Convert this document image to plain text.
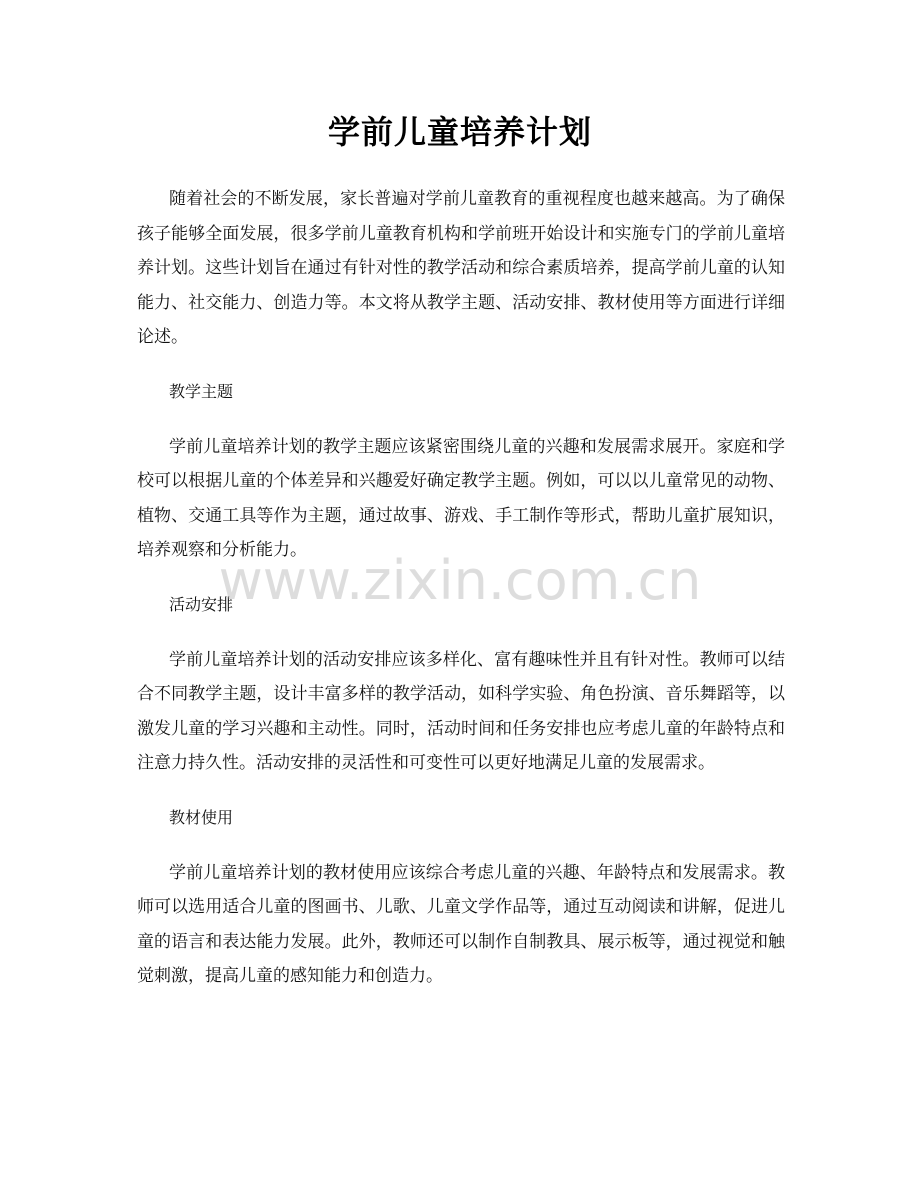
学前儿童培养计划

随着社会的不断发展，家长普遍对学前儿童教育的重视程度也越来越高。为了确保孩子能够全面发展，很多学前儿童教育机构和学前班开始设计和实施专门的学前儿童培养计划。这些计划旨在通过有针对性的教学活动和综合素质培养，提高学前儿童的认知能力、社交能力、创造力等。本文将从教学主题、活动安排、教材使用等方面进行详细论述。

教学主题

学前儿童培养计划的教学主题应该紧密围绕儿童的兴趣和发展需求展开。家庭和学校可以根据儿童的个体差异和兴趣爱好确定教学主题。例如，可以以儿童常见的动物、植物、交通工具等作为主题，通过故事、游戏、手工制作等形式，帮助儿童扩展知识，培养观察和分析能力。

活动安排

学前儿童培养计划的活动安排应该多样化、富有趣味性并且有针对性。教师可以结合不同教学主题，设计丰富多样的教学活动，如科学实验、角色扮演、音乐舞蹈等，以激发儿童的学习兴趣和主动性。同时，活动时间和任务安排也应考虑儿童的年龄特点和注意力持久性。活动安排的灵活性和可变性可以更好地满足儿童的发展需求。

教材使用

学前儿童培养计划的教材使用应该综合考虑儿童的兴趣、年龄特点和发展需求。教师可以选用适合儿童的图画书、儿歌、儿童文学作品等，通过互动阅读和讲解，促进儿童的语言和表达能力发展。此外，教师还可以制作自制教具、展示板等，通过视觉和触觉刺激，提高儿童的感知能力和创造力。

www.zixin.com.cn
